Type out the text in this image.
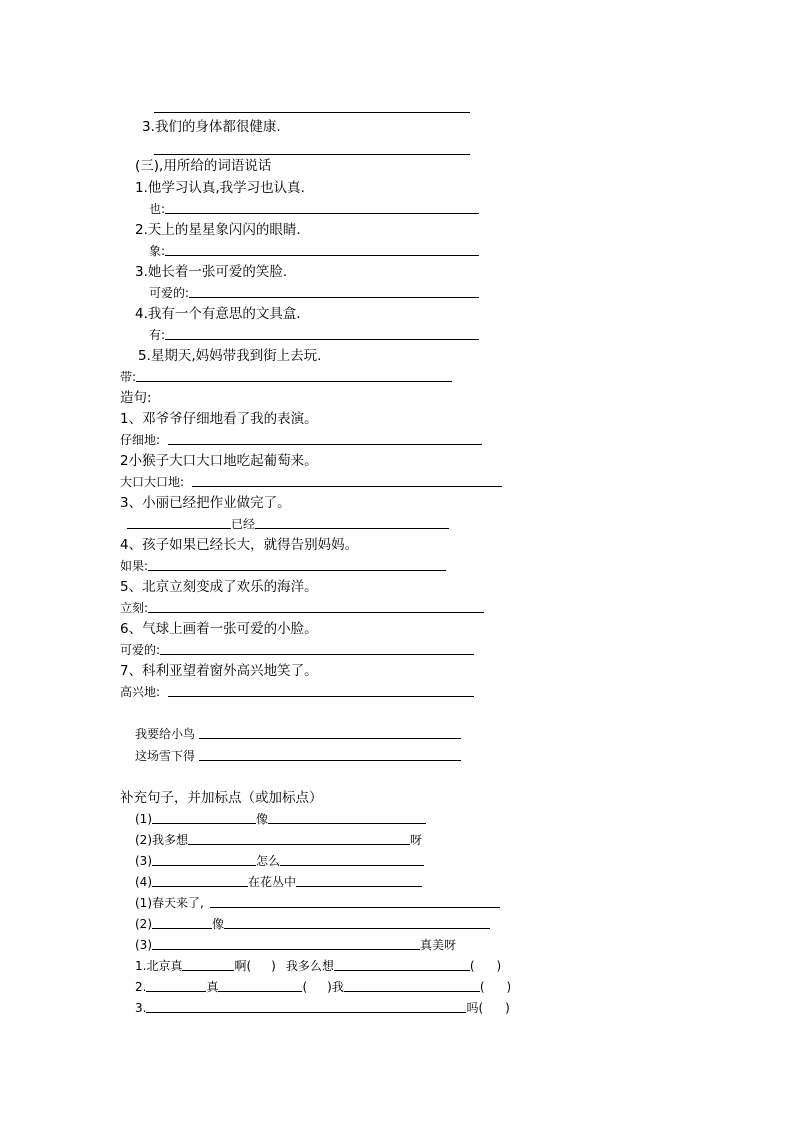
3.我们的身体都很健康.
(三),用所给的词语说话
1.他学习认真,我学习也认真.
也:
2.天上的星星象闪闪的眼睛.
象:
3.她长着一张可爱的笑脸.
可爱的:
4.我有一个有意思的文具盒.
有:
5.星期天,妈妈带我到街上去玩.
带:
造句:
1、邓爷爷仔细地看了我的表演。
仔细地:
2小猴子大口大口地吃起葡萄来。
大口大口地:
3、小丽已经把作业做完了。
已经
4、孩子如果已经长大，就得告别妈妈。
如果:
5、北京立刻变成了欢乐的海洋。
立刻:
6、气球上画着一张可爱的小脸。
可爱的:
7、科利亚望着窗外高兴地笑了。
高兴地:
我要给小鸟
这场雪下得
补充句子，并加标点（或加标点）
(1)	像
(2)我多想	呀
(3)	怎么
(4)	在花丛中
(1)春天来了,
(2)	像
(3)	真美呀
1.北京真	啊( ) 我多么想	( )
2.	真	( )我	( )
3.	吗( )
